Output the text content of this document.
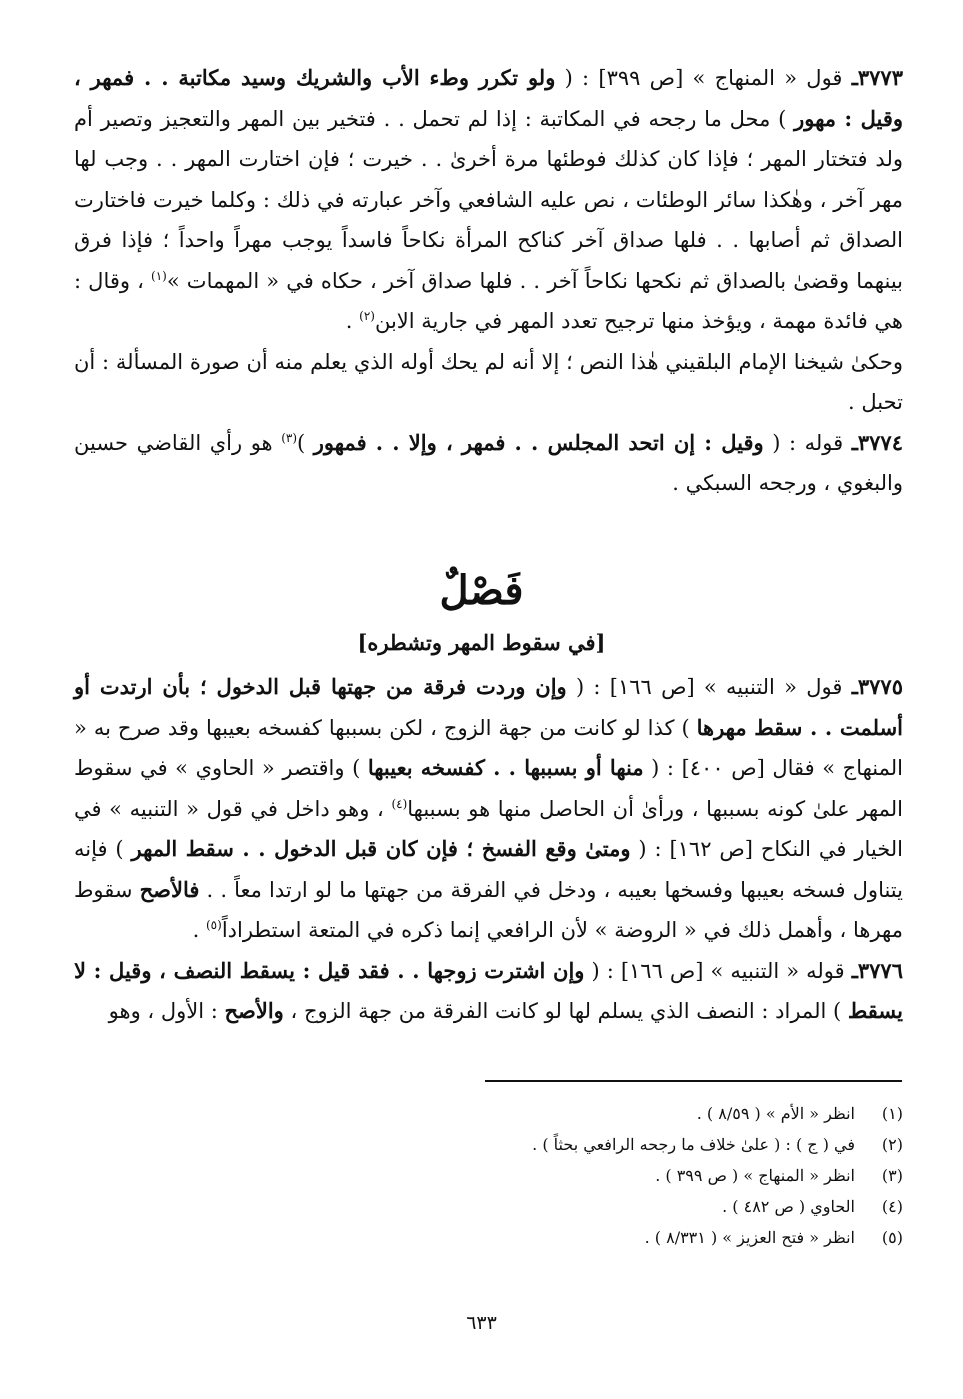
٣٧٧٣ـ قول « المنهاج » [ص ٣٩٩] : ( ولو تكرر وطء الأب والشريك وسيد مكاتبة . . فمهر ، وقيل : مهور ) محل ما رجحه في المكاتبة : إذا لم تحمل . . فتخير بين المهر والتعجيز وتصير أم ولد فتختار المهر ؛ فإذا كان كذلك فوطئها مرة أخرىٰ . . خيرت ؛ فإن اختارت المهر . . وجب لها مهر آخر ، وهٰكذا سائر الوطئات ، نص عليه الشافعي وآخر عبارته في ذلك : وكلما خيرت فاختارت الصداق ثم أصابها . . فلها صداق آخر كناكح المرأة نكاحاً فاسداً يوجب مهراً واحداً ؛ فإذا فرق بينهما وقضىٰ بالصداق ثم نكحها نكاحاً آخر . . فلها صداق آخر ، حكاه في « المهمات »$^{(١)}$ ، وقال : هي فائدة مهمة ، ويؤخذ منها ترجيح تعدد المهر في جارية الابن$^{(٢)}$ .

وحكىٰ شيخنا الإمام البلقيني هٰذا النص ؛ إلا أنه لم يحك أوله الذي يعلم منه أن صورة المسألة : أن تحبل .

٣٧٧٤ـ قوله : ( وقيل : إن اتحد المجلس . . فمهر ، وإلا . . فمهور )$^{(٣)}$ هو رأي القاضي حسين والبغوي ، ورجحه السبكي .

فَصْلٌ
[في سقوط المهر وتشطره]

٣٧٧٥ـ قول « التنبيه » [ص ١٦٦] : ( وإن وردت فرقة من جهتها قبل الدخول ؛ بأن ارتدت أو أسلمت . . سقط مهرها ) كذا لو كانت من جهة الزوج ، لكن بسببها كفسخه بعيبها وقد صرح به « المنهاج » فقال [ص ٤٠٠] : ( منها أو بسببها . . كفسخه بعيبها ) واقتصر « الحاوي » في سقوط المهر علىٰ كونه بسببها ، ورأىٰ أن الحاصل منها هو بسببها$^{(٤)}$ ، وهو داخل في قول « التنبيه » في الخيار في النكاح [ص ١٦٢] : ( ومتىٰ وقع الفسخ ؛ فإن كان قبل الدخول . . سقط المهر ) فإنه يتناول فسخه بعيبها وفسخها بعيبه ، ودخل في الفرقة من جهتها ما لو ارتدا معاً . . فالأصح سقوط مهرها ، وأهمل ذلك في « الروضة » لأن الرافعي إنما ذكره في المتعة استطراداً$^{(٥)}$ .

٣٧٧٦ـ قوله « التنبيه » [ص ١٦٦] : ( وإن اشترت زوجها . . فقد قيل : يسقط النصف ، وقيل : لا يسقط ) المراد : النصف الذي يسلم لها لو كانت الفرقة من جهة الزوج ، والأصح : الأول ، وهو

(١)
انظر « الأم » ( ٨/٥٩ ) .
(٢)
في ( ج ) : ( علىٰ خلاف ما رجحه الرافعي بحثاً ) .
(٣)
انظر « المنهاج » ( ص ٣٩٩ ) .
(٤)
الحاوي ( ص ٤٨٢ ) .
(٥)
انظر « فتح العزيز » ( ٨/٣٣١ ) .
٦٣٣
